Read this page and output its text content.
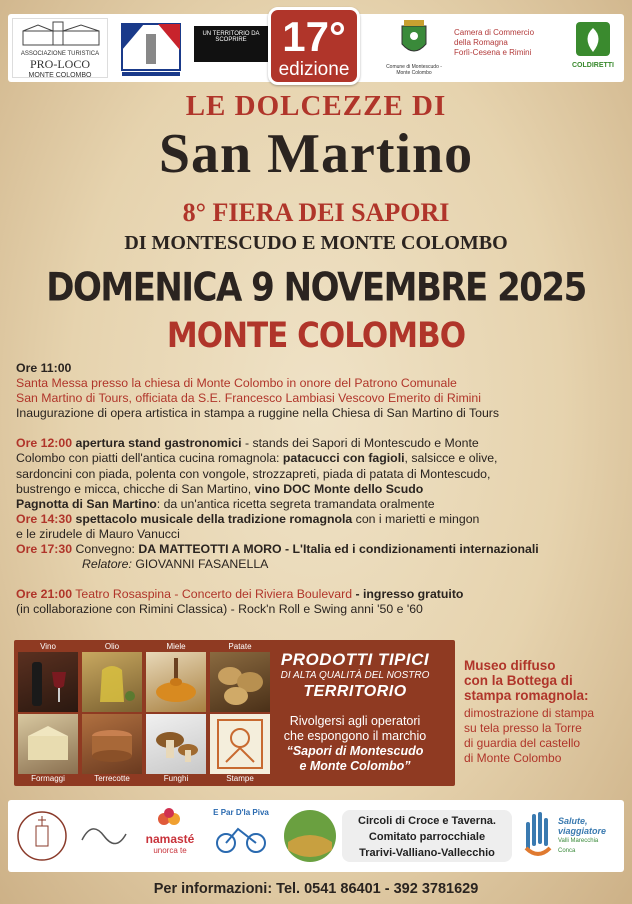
ASSOCIAZIONE TURISTICA
PRO-LOCO
MONTE COLOMBO
UN TERRITORIO DA SCOPRIRE
Comune di Montescudo - Monte Colombo
Camera di Commercio
della Romagna
Forlì-Cesena e Rimini
COLDIRETTI
17°
edizione
LE DOLCEZZE DI
San Martino
8° FIERA DEI SAPORI
DI MONTESCUDO E MONTE COLOMBO
DOMENICA 9 NOVEMBRE 2025
MONTE COLOMBO
Ore 11:00
Santa Messa presso la chiesa di Monte Colombo in onore del Patrono Comunale
San Martino di Tours, officiata da S.E. Francesco Lambiasi Vescovo Emerito di Rimini
Inaugurazione di opera artistica in stampa a ruggine nella Chiesa di San Martino di Tours
Ore 12:00 apertura stand gastronomici - stands dei Sapori di Montescudo e Monte
Colombo con piatti dell'antica cucina romagnola: patacucci con fagioli, salsicce e olive,
sardoncini con piada, polenta con vongole, strozzapreti, piada di patata di Montescudo,
bustrengo e micca, chicche di San Martino, vino DOC Monte dello Scudo
Pagnotta di San Martino: da un'antica ricetta segreta tramandata oralmente
Ore 14:30 spettacolo musicale della tradizione romagnola con i marietti e mingon
e le zirudele di Mauro Vanucci
Ore 17:30 Convegno: DA MATTEOTTI A MORO - L'Italia ed i condizionamenti internazionali
Relatore: GIOVANNI FASANELLA
Ore 21:00 Teatro Rosaspina - Concerto dei Riviera Boulevard - ingresso gratuito
(in collaborazione con Rimini Classica) - Rock'n Roll e Swing anni '50 e '60
Vino	Olio	Miele	Patate
Formaggi	Terrecotte	Funghi	Stampe
PRODOTTI TIPICI
DI ALTA QUALITÀ DEL NOSTRO
TERRITORIO
Rivolgersi agli operatori
che espongono il marchio
“Sapori di Montescudo
e Monte Colombo”
Museo diffuso
con la Bottega di
stampa romagnola:
dimostrazione di stampa
su tela presso la Torre
di guardia del castello
di Monte Colombo
namasté
unorca te
E Par D'la Piva
Salute,
viaggiatore
Valli Marecchia
Conca
Circoli di Croce e Taverna.
Comitato parrocchiale
Trarivi-Valliano-Vallecchio
Per informazioni: Tel. 0541 86401 - 392 3781629
